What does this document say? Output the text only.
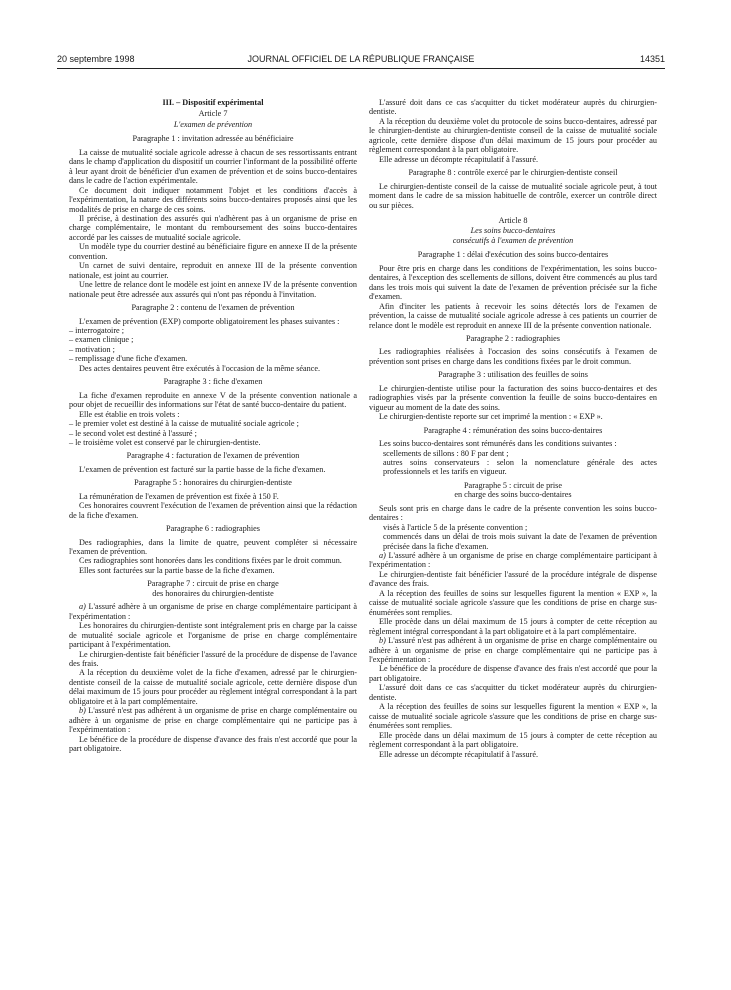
20 septembre 1998	JOURNAL OFFICIEL DE LA RÉPUBLIQUE FRANÇAISE	14351
III. – Dispositif expérimental
Article 7
L'examen de prévention
Paragraphe 1 : invitation adressée au bénéficiaire

La caisse de mutualité sociale agricole adresse à chacun de ses ressortissants entrant dans le champ d'application du dispositif un courrier l'informant de la possibilité offerte à leur ayant droit de bénéficier d'un examen de prévention et de soins bucco-dentaires dans le cadre de l'action expérimentale.

Ce document doit indiquer notamment l'objet et les conditions d'accès à l'expérimentation, la nature des différents soins bucco-dentaires proposés ainsi que les modalités de prise en charge de ces soins.

Il précise, à destination des assurés qui n'adhèrent pas à un organisme de prise en charge complémentaire, le montant du remboursement des soins bucco-dentaires accordé par les caisses de mutualité sociale agricole.

Un modèle type du courrier destiné au bénéficiaire figure en annexe II de la présente convention.

Un carnet de suivi dentaire, reproduit en annexe III de la présente convention nationale, est joint au courrier.

Une lettre de relance dont le modèle est joint en annexe IV de la présente convention nationale peut être adressée aux assurés qui n'ont pas répondu à l'invitation.

Paragraphe 2 : contenu de l'examen de prévention

L'examen de prévention (EXP) comporte obligatoirement les phases suivantes :

– interrogatoire ;

– examen clinique ;

– motivation ;

– remplissage d'une fiche d'examen.

Des actes dentaires peuvent être exécutés à l'occasion de la même séance.

Paragraphe 3 : fiche d'examen

La fiche d'examen reproduite en annexe V de la présente convention nationale a pour objet de recueillir des informations sur l'état de santé bucco-dentaire du patient.

Elle est établie en trois volets :

– le premier volet est destiné à la caisse de mutualité sociale agricole ;

– le second volet est destiné à l'assuré ;

– le troisième volet est conservé par le chirurgien-dentiste.

Paragraphe 4 : facturation de l'examen de prévention

L'examen de prévention est facturé sur la partie basse de la fiche d'examen.

Paragraphe 5 : honoraires du chirurgien-dentiste

La rémunération de l'examen de prévention est fixée à 150 F.

Ces honoraires couvrent l'exécution de l'examen de prévention ainsi que la rédaction de la fiche d'examen.

Paragraphe 6 : radiographies

Des radiographies, dans la limite de quatre, peuvent compléter si nécessaire l'examen de prévention.

Ces radiographies sont honorées dans les conditions fixées par le droit commun.

Elles sont facturées sur la partie basse de la fiche d'examen.

Paragraphe 7 : circuit de prise en charge
des honoraires du chirurgien-dentiste

a) L'assuré adhère à un organisme de prise en charge complémentaire participant à l'expérimentation :

Les honoraires du chirurgien-dentiste sont intégralement pris en charge par la caisse de mutualité sociale agricole et l'organisme de prise en charge complémentaire participant à l'expérimentation.

Le chirurgien-dentiste fait bénéficier l'assuré de la procédure de dispense de l'avance des frais.

A la réception du deuxième volet de la fiche d'examen, adressé par le chirurgien-dentiste conseil de la caisse de mutualité sociale agricole, cette dernière dispose d'un délai maximum de 15 jours pour procéder au règlement intégral correspondant à la part obligatoire et à la part complémentaire.

b) L'assuré n'est pas adhérent à un organisme de prise en charge complémentaire ou adhère à un organisme de prise en charge complémentaire qui ne participe pas à l'expérimentation :

Le bénéfice de la procédure de dispense d'avance des frais n'est accordé que pour la part obligatoire.

L'assuré doit dans ce cas s'acquitter du ticket modérateur auprès du chirurgien-dentiste.

A la réception du deuxième volet du protocole de soins bucco-dentaires, adressé par le chirurgien-dentiste au chirurgien-dentiste conseil de la caisse de mutualité sociale agricole, cette dernière dispose d'un délai maximum de 15 jours pour procéder au règlement correspondant à la part obligatoire.

Elle adresse un décompte récapitulatif à l'assuré.

Paragraphe 8 : contrôle exercé par le chirurgien-dentiste conseil

Le chirurgien-dentiste conseil de la caisse de mutualité sociale agricole peut, à tout moment dans le cadre de sa mission habituelle de contrôle, exercer un contrôle direct ou sur pièces.

Article 8
Les soins bucco-dentaires
consécutifs à l'examen de prévention
Paragraphe 1 : délai d'exécution des soins bucco-dentaires

Pour être pris en charge dans les conditions de l'expérimentation, les soins bucco-dentaires, à l'exception des scellements de sillons, doivent être commencés au plus tard dans les trois mois qui suivent la date de l'examen de prévention précisée sur la fiche d'examen.

Afin d'inciter les patients à recevoir les soins détectés lors de l'examen de prévention, la caisse de mutualité sociale agricole adresse à ces patients un courrier de relance dont le modèle est reproduit en annexe III de la présente convention nationale.

Paragraphe 2 : radiographies

Les radiographies réalisées à l'occasion des soins consécutifs à l'examen de prévention sont prises en charge dans les conditions fixées par le droit commun.

Paragraphe 3 : utilisation des feuilles de soins

Le chirurgien-dentiste utilise pour la facturation des soins bucco-dentaires et des radiographies visés par la présente convention la feuille de soins bucco-dentaires en vigueur au moment de la date des soins.

Le chirurgien-dentiste reporte sur cet imprimé la mention : « EXP ».

Paragraphe 4 : rémunération des soins bucco-dentaires

Les soins bucco-dentaires sont rémunérés dans les conditions suivantes :

scellements de sillons : 80 F par dent ;

autres soins conservateurs : selon la nomenclature générale des actes professionnels et les tarifs en vigueur.

Paragraphe 5 : circuit de prise
en charge des soins bucco-dentaires

Seuls sont pris en charge dans le cadre de la présente convention les soins bucco-dentaires :

visés à l'article 5 de la présente convention ;

commencés dans un délai de trois mois suivant la date de l'examen de prévention précisée dans la fiche d'examen.

a) L'assuré adhère à un organisme de prise en charge complémentaire participant à l'expérimentation :

Le chirurgien-dentiste fait bénéficier l'assuré de la procédure intégrale de dispense d'avance des frais.

A la réception des feuilles de soins sur lesquelles figurent la mention « EXP », la caisse de mutualité sociale agricole s'assure que les conditions de prise en charge sus-énumérées sont remplies.

Elle procède dans un délai maximum de 15 jours à compter de cette réception au règlement intégral correspondant à la part obligatoire et à la part complémentaire.

b) L'assuré n'est pas adhérent à un organisme de prise en charge complémentaire ou adhère à un organisme de prise en charge complémentaire qui ne participe pas à l'expérimentation :

Le bénéfice de la procédure de dispense d'avance des frais n'est accordé que pour la part obligatoire.

L'assuré doit dans ce cas s'acquitter du ticket modérateur auprès du chirurgien-dentiste.

A la réception des feuilles de soins sur lesquelles figurent la mention « EXP », la caisse de mutualité sociale agricole s'assure que les conditions de prise en charge sus-énumérées sont remplies.

Elle procède dans un délai maximum de 15 jours à compter de cette réception au règlement correspondant à la part obligatoire.

Elle adresse un décompte récapitulatif à l'assuré.
